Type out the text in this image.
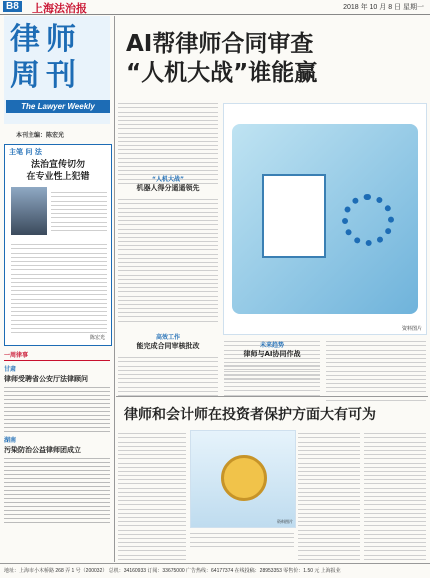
B8 上海法治报	2018 年 10 月 8 日 星期一
律师周刊
The Lawyer Weekly
本刊主编：陈宏光
主笔 问 法
法治宣传切勿
在专业性上犯错
陈宏光
一周律事
甘肃
律师受聘省公安厅法律顾问
湖南
污染防治公益律师团成立
AI帮律师合同审查
“人机大战”谁能赢
“人机大战”
机器人得分遥遥领先
高效工作
能完成合同审核批改
资料图片
未来趋势
律师与AI协同作战
律师和会计师在投资者保护方面大有可为
资料图片
地址：上海市小木桥路 268 弄 1 号（200032） 总机：34160933 订阅：33675000 广告热线：64177374 在线投稿：28953353 零售价：1.50 元 上海报业
